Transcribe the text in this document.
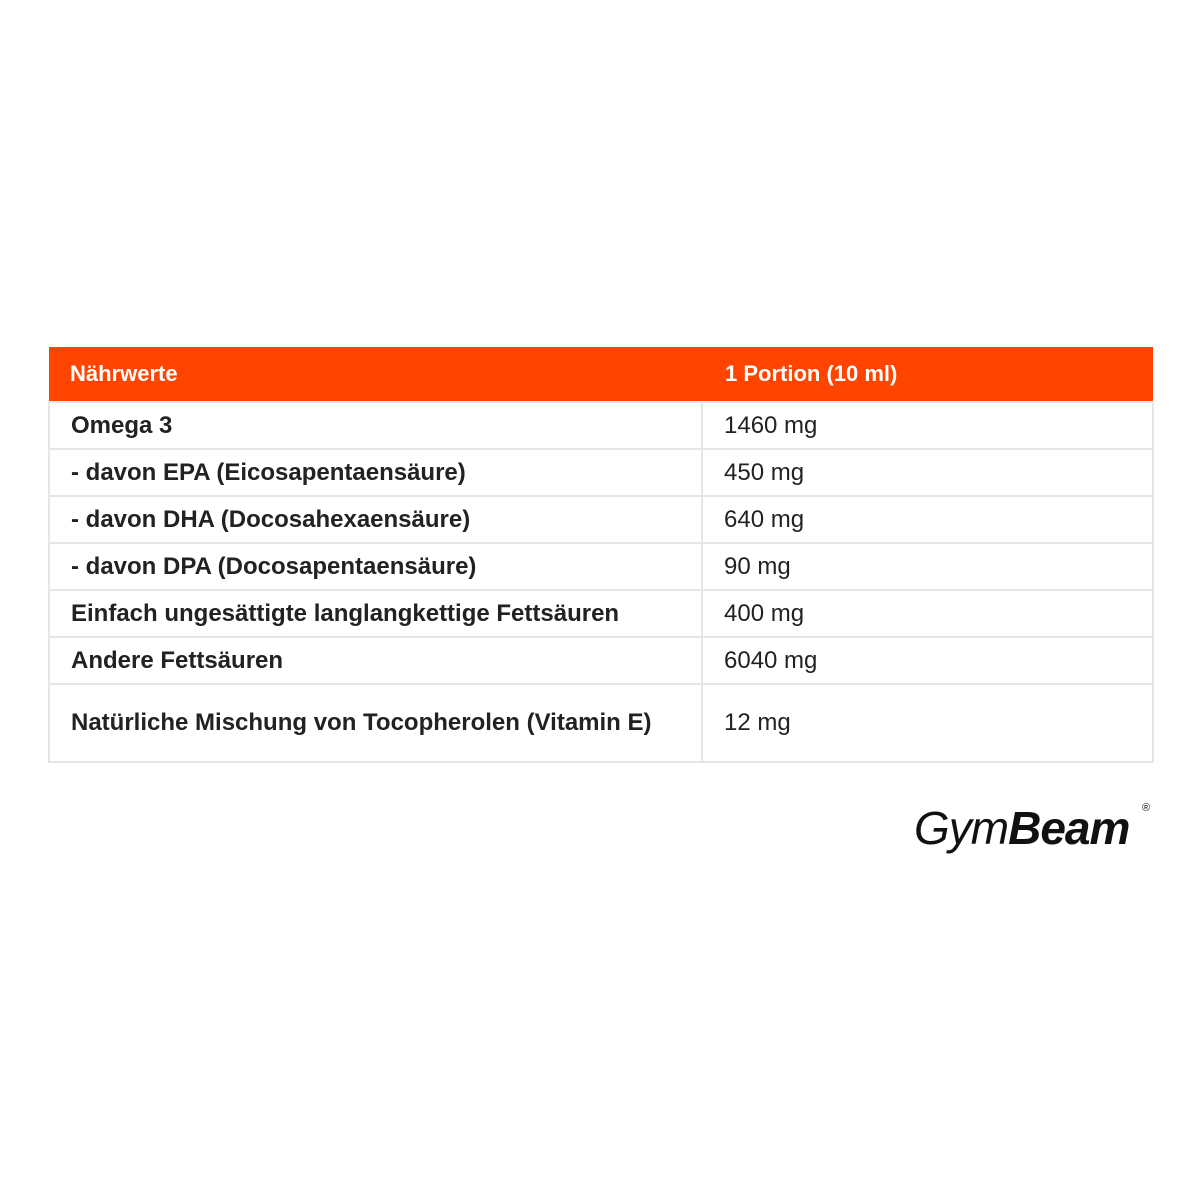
Nährwerte	1 Portion (10 ml)
Omega 3	1460 mg
- davon EPA (Eicosapentaensäure)	450 mg
- davon DHA (Docosahexaensäure)	640 mg
- davon DPA (Docosapentaensäure)	90 mg
Einfach ungesättigte langlangkettige Fettsäuren	400 mg
Andere Fettsäuren	6040 mg
Natürliche Mischung von Tocopherolen (Vitamin E)	12 mg
GymBeam ®
